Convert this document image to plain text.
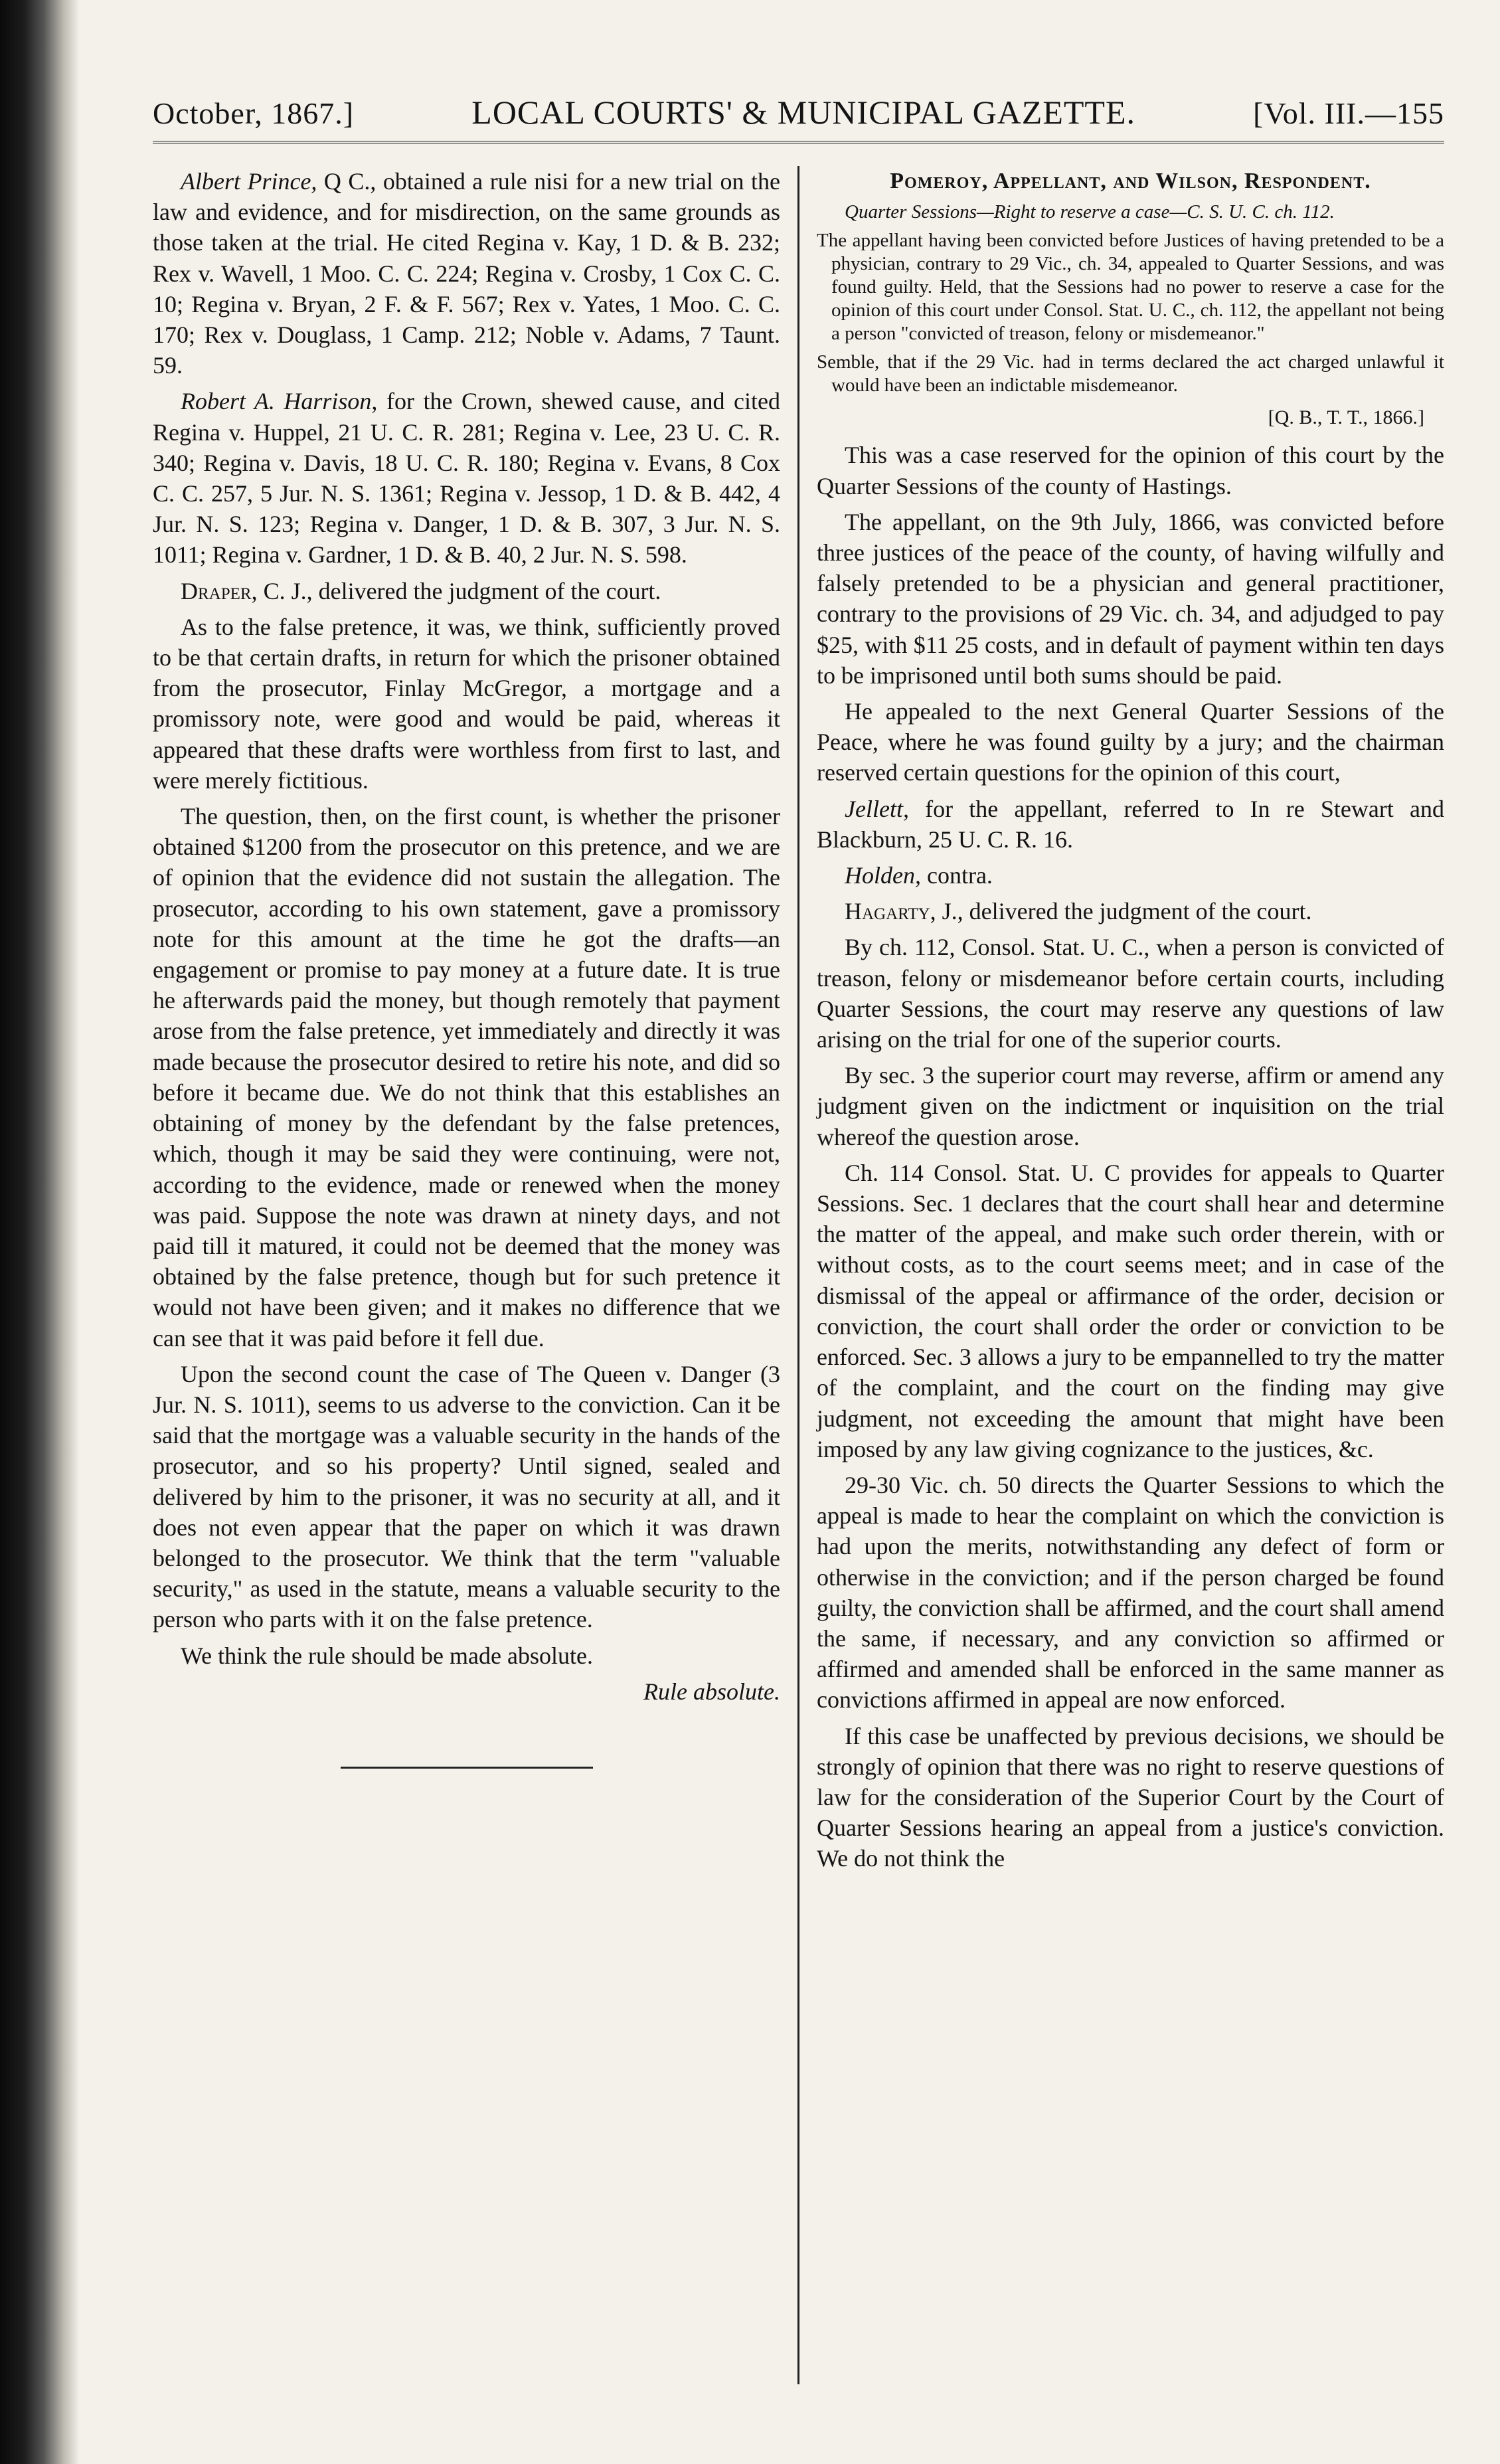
October, 1867.]	LOCAL COURTS' & MUNICIPAL GAZETTE.	[Vol. III.—155

Albert Prince, Q C., obtained a rule nisi for a new trial on the law and evidence, and for misdirection, on the same grounds as those taken at the trial. He cited Regina v. Kay, 1 D. & B. 232; Rex v. Wavell, 1 Moo. C. C. 224; Regina v. Crosby, 1 Cox C. C. 10; Regina v. Bryan, 2 F. & F. 567; Rex v. Yates, 1 Moo. C. C. 170; Rex v. Douglass, 1 Camp. 212; Noble v. Adams, 7 Taunt. 59.

Robert A. Harrison, for the Crown, shewed cause, and cited Regina v. Huppel, 21 U. C. R. 281; Regina v. Lee, 23 U. C. R. 340; Regina v. Davis, 18 U. C. R. 180; Regina v. Evans, 8 Cox C. C. 257, 5 Jur. N. S. 1361; Regina v. Jessop, 1 D. & B. 442, 4 Jur. N. S. 123; Regina v. Danger, 1 D. & B. 307, 3 Jur. N. S. 1011; Regina v. Gardner, 1 D. & B. 40, 2 Jur. N. S. 598.

Draper, C. J., delivered the judgment of the court.

As to the false pretence, it was, we think, sufficiently proved to be that certain drafts, in return for which the prisoner obtained from the prosecutor, Finlay McGregor, a mortgage and a promissory note, were good and would be paid, whereas it appeared that these drafts were worthless from first to last, and were merely fictitious.

The question, then, on the first count, is whether the prisoner obtained $1200 from the prosecutor on this pretence, and we are of opinion that the evidence did not sustain the allegation. The prosecutor, according to his own statement, gave a promissory note for this amount at the time he got the drafts—an engagement or promise to pay money at a future date. It is true he afterwards paid the money, but though remotely that payment arose from the false pretence, yet immediately and directly it was made because the prosecutor desired to retire his note, and did so before it became due. We do not think that this establishes an obtaining of money by the defendant by the false pretences, which, though it may be said they were continuing, were not, according to the evidence, made or renewed when the money was paid. Suppose the note was drawn at ninety days, and not paid till it matured, it could not be deemed that the money was obtained by the false pretence, though but for such pretence it would not have been given; and it makes no difference that we can see that it was paid before it fell due.

Upon the second count the case of The Queen v. Danger (3 Jur. N. S. 1011), seems to us adverse to the conviction. Can it be said that the mortgage was a valuable security in the hands of the prosecutor, and so his property? Until signed, sealed and delivered by him to the prisoner, it was no security at all, and it does not even appear that the paper on which it was drawn belonged to the prosecutor. We think that the term "valuable security," as used in the statute, means a valuable security to the person who parts with it on the false pretence.

We think the rule should be made absolute.

Rule absolute.

Pomeroy, Appellant, and Wilson, Respondent.

Quarter Sessions—Right to reserve a case—C. S. U. C. ch. 112.

The appellant having been convicted before Justices of having pretended to be a physician, contrary to 29 Vic., ch. 34, appealed to Quarter Sessions, and was found guilty. Held, that the Sessions had no power to reserve a case for the opinion of this court under Consol. Stat. U. C., ch. 112, the appellant not being a person "convicted of treason, felony or misdemeanor."

Semble, that if the 29 Vic. had in terms declared the act charged unlawful it would have been an indictable misdemeanor.

[Q. B., T. T., 1866.]

This was a case reserved for the opinion of this court by the Quarter Sessions of the county of Hastings.

The appellant, on the 9th July, 1866, was convicted before three justices of the peace of the county, of having wilfully and falsely pretended to be a physician and general practitioner, contrary to the provisions of 29 Vic. ch. 34, and adjudged to pay $25, with $11 25 costs, and in default of payment within ten days to be imprisoned until both sums should be paid.

He appealed to the next General Quarter Sessions of the Peace, where he was found guilty by a jury; and the chairman reserved certain questions for the opinion of this court,

Jellett, for the appellant, referred to In re Stewart and Blackburn, 25 U. C. R. 16.

Holden, contra.

Hagarty, J., delivered the judgment of the court.

By ch. 112, Consol. Stat. U. C., when a person is convicted of treason, felony or misdemeanor before certain courts, including Quarter Sessions, the court may reserve any questions of law arising on the trial for one of the superior courts.

By sec. 3 the superior court may reverse, affirm or amend any judgment given on the indictment or inquisition on the trial whereof the question arose.

Ch. 114 Consol. Stat. U. C provides for appeals to Quarter Sessions. Sec. 1 declares that the court shall hear and determine the matter of the appeal, and make such order therein, with or without costs, as to the court seems meet; and in case of the dismissal of the appeal or affirmance of the order, decision or conviction, the court shall order the order or conviction to be enforced. Sec. 3 allows a jury to be empannelled to try the matter of the complaint, and the court on the finding may give judgment, not exceeding the amount that might have been imposed by any law giving cognizance to the justices, &c.

29-30 Vic. ch. 50 directs the Quarter Sessions to which the appeal is made to hear the complaint on which the conviction is had upon the merits, notwithstanding any defect of form or otherwise in the conviction; and if the person charged be found guilty, the conviction shall be affirmed, and the court shall amend the same, if necessary, and any conviction so affirmed or affirmed and amended shall be enforced in the same manner as convictions affirmed in appeal are now enforced.

If this case be unaffected by previous decisions, we should be strongly of opinion that there was no right to reserve questions of law for the consideration of the Superior Court by the Court of Quarter Sessions hearing an appeal from a justice's conviction. We do not think the
